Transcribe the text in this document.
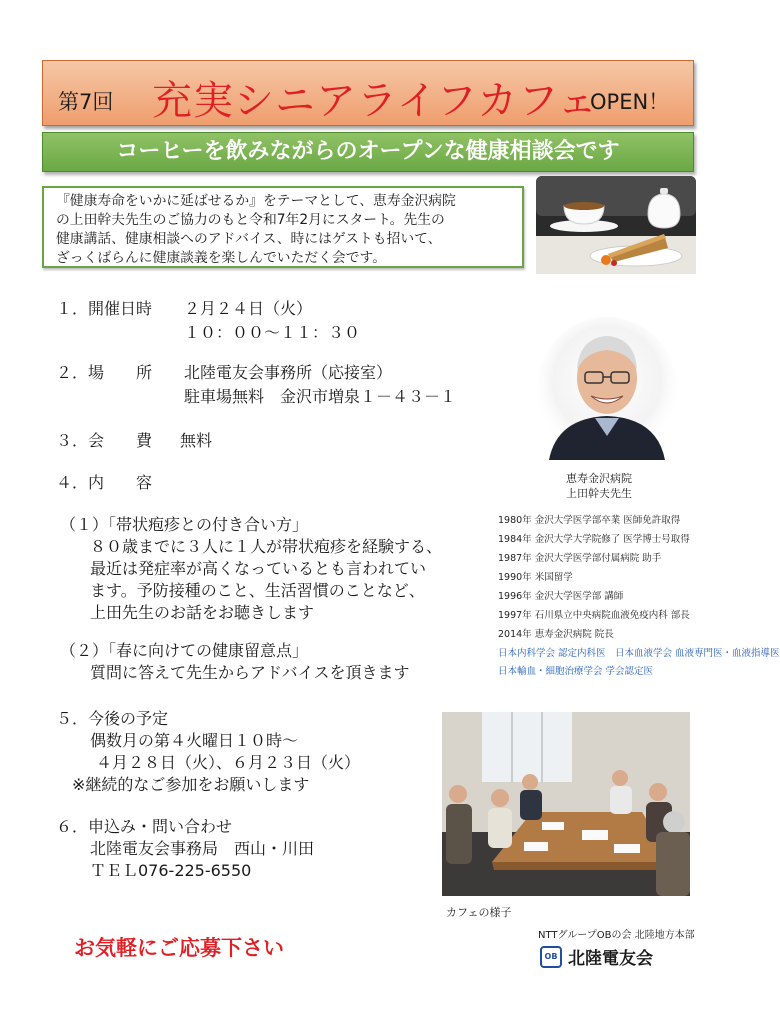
第7回 充実シニアライフカフェ
OPEN！
コーヒーを飲みながらのオープンな健康相談会です
『健康寿命をいかに延ばせるか』をテーマとして、恵寿金沢病院
の上田幹夫先生のご協力のもと令和7年2月にスタート。先生の
健康講話、健康相談へのアドバイス、時にはゲストも招いて、
ざっくばらんに健康談義を楽しんでいただく会です。
１．開催日時 ２月２４日（火）
１０：００～１１：３０
２．場　　所 北陸電友会事務所（応接室）
駐車場無料　金沢市増泉１－４３－１
３．会　　費 無料
４．内　　容
（１）「帯状疱疹との付き合い方」
８０歳までに３人に１人が帯状疱疹を経験する、
最近は発症率が高くなっているとも言われてい
ます。予防接種のこと、生活習慣のことなど、
上田先生のお話をお聴きします
（２）「春に向けての健康留意点」
質問に答えて先生からアドバイスを頂きます
５．今後の予定
偶数月の第４火曜日１０時～
４月２８日（火）、６月２３日（火）
※継続的なご参加をお願いします
６．申込み・問い合わせ
北陸電友会事務局　西山・川田
ＴＥＬ076-225-6550
恵寿金沢病院
上田幹夫先生
1980年 金沢大学医学部卒業 医師免許取得
1984年 金沢大学大学院修了 医学博士号取得
1987年 金沢大学医学部付属病院 助手
1990年 米国留学
1996年 金沢大学医学部 講師
1997年 石川県立中央病院血液免疫内科 部長
2014年 恵寿金沢病院 院長
日本内科学会 認定内科医　日本血液学会 血液専門医・血液指導医
日本輸血・細胞治療学会 学会認定医
カフェの様子
お気軽にご応募下さい
NTTグループOBの会 北陸地方本部
OB 北陸電友会
